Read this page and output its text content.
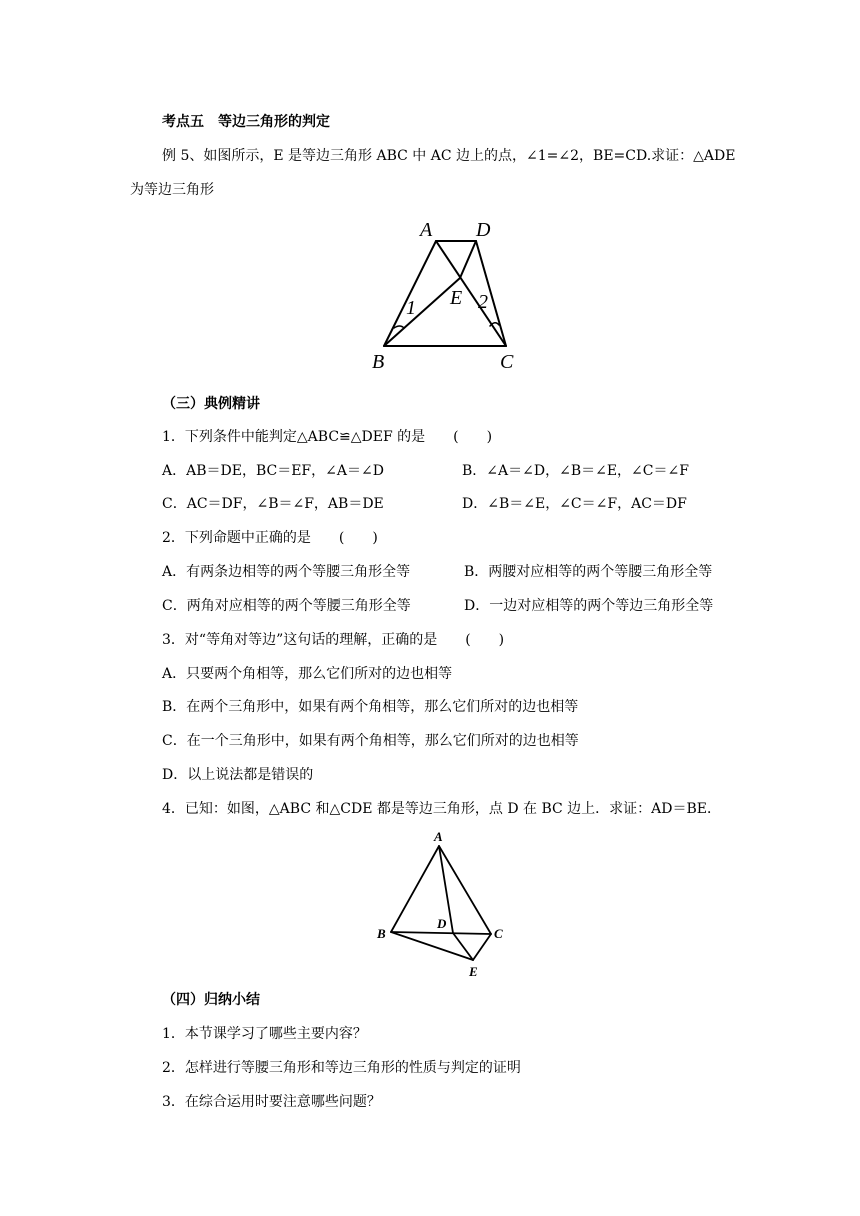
考点五　等边三角形的判定
例 5、如图所示，E 是等边三角形 ABC 中 AC 边上的点，∠1=∠2，BE=CD.求证：△ADE
为等边三角形
A D
E
B	C
1	2
（三）典例精讲
1．下列条件中能判定△ABC≌△DEF 的是　　(　　)
A．AB＝DE，BC＝EF，∠A＝∠D	B．∠A＝∠D，∠B＝∠E，∠C＝∠F
C．AC＝DF，∠B＝∠F，AB＝DE	D．∠B＝∠E，∠C＝∠F，AC＝DF
2．下列命题中正确的是　　(　　)
A．有两条边相等的两个等腰三角形全等	B．两腰对应相等的两个等腰三角形全等
C．两角对应相等的两个等腰三角形全等	D．一边对应相等的两个等边三角形全等
3．对“等角对等边”这句话的理解，正确的是　　(　　)
A．只要两个角相等，那么它们所对的边也相等
B．在两个三角形中，如果有两个角相等，那么它们所对的边也相等
C．在一个三角形中，如果有两个角相等，那么它们所对的边也相等
D．以上说法都是错误的
4．已知：如图，△ABC 和△CDE 都是等边三角形，点 D 在 BC 边上．求证：AD＝BE．
A
B	C
D
E
（四）归纳小结
1．本节课学习了哪些主要内容？
2．怎样进行等腰三角形和等边三角形的性质与判定的证明
3．在综合运用时要注意哪些问题？
